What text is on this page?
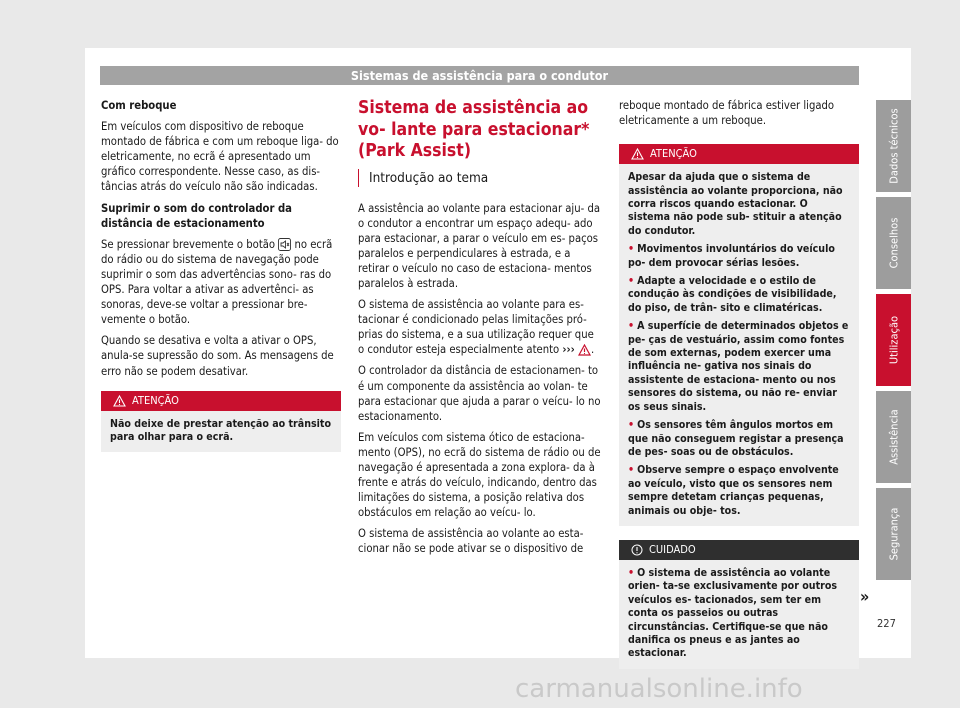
Sistemas de assistência para o condutor

Com reboque

Em veículos com dispositivo de reboque montado de fábrica e com um reboque liga- do eletricamente, no ecrã é apresentado um gráfico correspondente. Nesse caso, as dis- tâncias atrás do veículo não são indicadas.

Suprimir o som do controlador da distância de estacionamento

Se pressionar brevemente o botão no ecrã do rádio ou do sistema de navegação pode suprimir o som das advertências sono- ras do OPS. Para voltar a ativar as advertênci- as sonoras, deve-se voltar a pressionar bre- vemente o botão.

Quando se desativa e volta a ativar o OPS, anula-se supressão do som. As mensagens de erro não se podem desativar.

ATENÇÃO

Não deixe de prestar atenção ao trânsito para olhar para o ecrã.

Sistema de assistência ao vo- lante para estacionar* (Park Assist)
Introdução ao tema

A assistência ao volante para estacionar aju- da o condutor a encontrar um espaço adequ- ado para estacionar, a parar o veículo em es- paços paralelos e perpendiculares à estrada, e a retirar o veículo no caso de estaciona- mentos paralelos à estrada.

O sistema de assistência ao volante para es- tacionar é condicionado pelas limitações pró- prias do sistema, e a sua utilização requer que o condutor esteja especialmente atento ››› .

O controlador da distância de estacionamen- to é um componente da assistência ao volan- te para estacionar que ajuda a parar o veícu- lo no estacionamento.

Em veículos com sistema ótico de estaciona- mento (OPS), no ecrã do sistema de rádio ou de navegação é apresentada a zona explora- da à frente e atrás do veículo, indicando, dentro das limitações do sistema, a posição relativa dos obstáculos em relação ao veícu- lo.

O sistema de assistência ao volante ao esta- cionar não se pode ativar se o dispositivo de

reboque montado de fábrica estiver ligado eletricamente a um reboque.

ATENÇÃO

Apesar da ajuda que o sistema de assistência ao volante proporciona, não corra riscos quando estacionar. O sistema não pode sub- stituir a atenção do condutor.

• Movimentos involuntários do veículo po- dem provocar sérias lesões.

• Adapte a velocidade e o estilo de condução às condições de visibilidade, do piso, de trân- sito e climatéricas.

• A superfície de determinados objetos e pe- ças de vestuário, assim como fontes de som externas, podem exercer uma influência ne- gativa nos sinais do assistente de estaciona- mento ou nos sensores do sistema, ou não re- enviar os seus sinais.

• Os sensores têm ângulos mortos em que não conseguem registar a presença de pes- soas ou de obstáculos.

• Observe sempre o espaço envolvente ao veículo, visto que os sensores nem sempre detetam crianças pequenas, animais ou obje- tos.

CUIDADO

• O sistema de assistência ao volante orien- ta-se exclusivamente por outros veículos es- tacionados, sem ter em conta os passeios ou outras circunstâncias. Certifique-se que não danifica os pneus e as jantes ao estacionar.

»
Dados técnicos
Conselhos
Utilização
Assistência
Segurança
227
carmanualsonline.info
